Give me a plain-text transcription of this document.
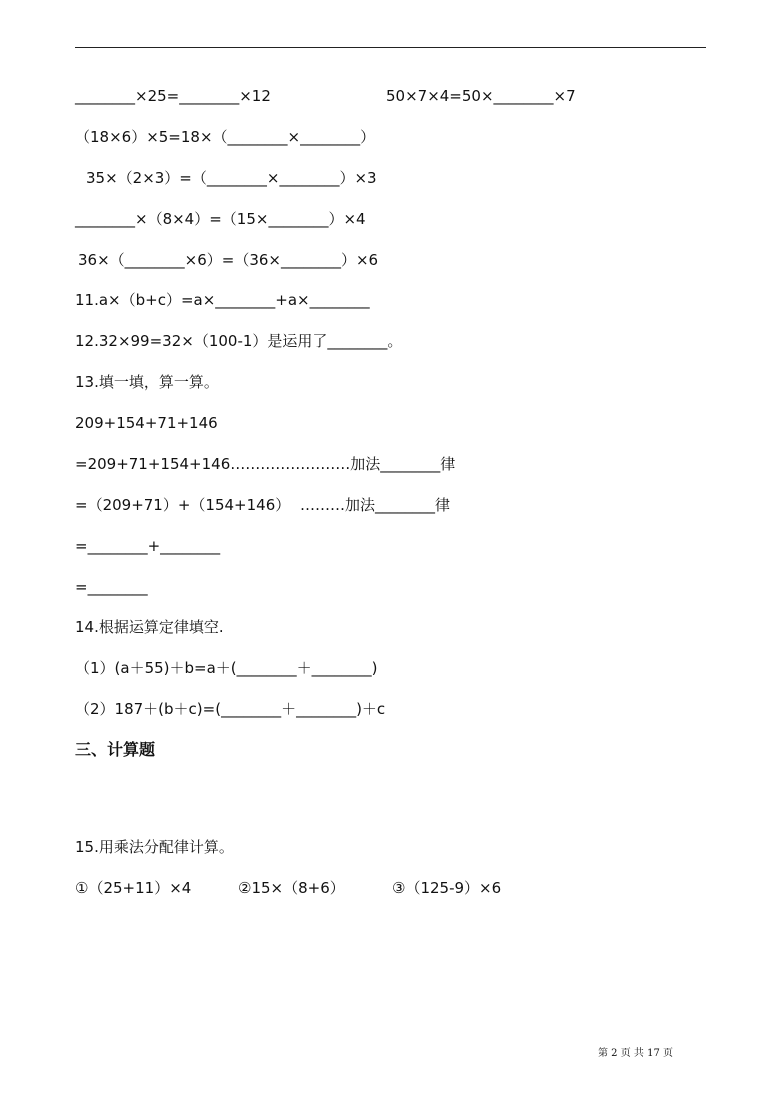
________×25=________×12	50×7×4=50×________×7
（18×6）×5=18×（________×________）
35×（2×3）=（________×________）×3
________×（8×4）=（15×________）×4
36×（________×6）=（36×________）×6
11.a×（b+c）=a×________+a×________
12.32×99=32×（100-1）是运用了________。
13.填一填，算一算。
209+154+71+146
=209+71+154+146……………………加法________律
=（209+71）+（154+146） ………加法________律
=________+________
=________
14.根据运算定律填空.
（1）(a＋55)＋b=a＋(________＋________)
（2）187＋(b＋c)=(________＋________)＋c
三、计算题
15.用乘法分配律计算。
①（25+11）×4	②15×（8+6）	③（125-9）×6
第 2 页 共 17 页
